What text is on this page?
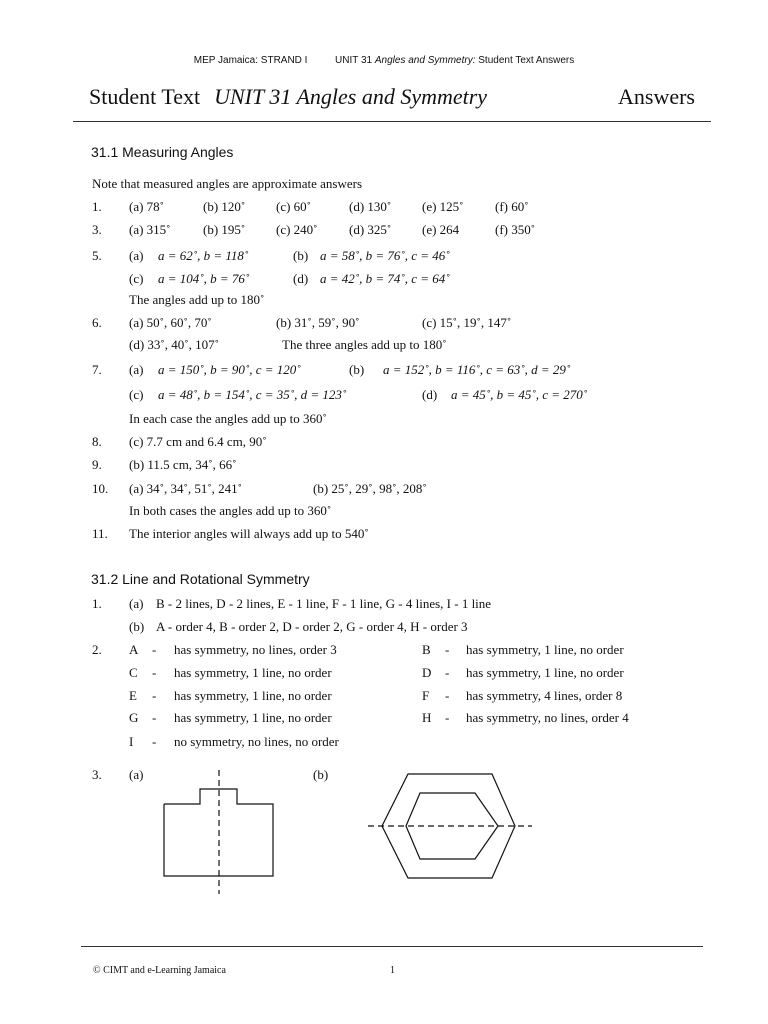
MEP Jamaica: STRAND I	UNIT 31 Angles and Symmetry: Student Text Answers
Student Text UNIT 31 Angles and Symmetry	Answers
31.1 Measuring Angles
Note that measured angles are approximate answers
1. (a) 78˚	(b) 120˚ (c) 60˚	(d) 130˚ (e) 125˚ (f) 60˚
3. (a) 315˚ (b) 195˚ (c) 240˚ (d) 325˚ (e) 264	(f) 350˚
5. (a) a = 62˚, b = 118˚	(b) a = 58˚, b = 76˚, c = 46˚
(c) a = 104˚, b = 76˚	(d) a = 42˚, b = 74˚, c = 64˚
The angles add up to 180˚
6. (a) 50˚, 60˚, 70˚	(b) 31˚, 59˚, 90˚	(c) 15˚, 19˚, 147˚
(d) 33˚, 40˚, 107˚	The three angles add up to 180˚
7. (a) a = 150˚, b = 90˚, c = 120˚	(b) a = 152˚, b = 116˚, c = 63˚, d = 29˚
(c) a = 48˚, b = 154˚, c = 35˚, d = 123˚	(d) a = 45˚, b = 45˚, c = 270˚
In each case the angles add up to 360˚
8. (c) 7.7 cm and 6.4 cm, 90˚
9. (b) 11.5 cm, 34˚, 66˚
10. (a) 34˚, 34˚, 51˚, 241˚	(b) 25˚, 29˚, 98˚, 208˚
In both cases the angles add up to 360˚
11. The interior angles will always add up to 540˚
31.2 Line and Rotational Symmetry
1. (a) B - 2 lines, D - 2 lines, E - 1 line, F - 1 line, G - 4 lines, I - 1 line
(b) A - order 4, B - order 2, D - order 2, G - order 4, H - order 3
2. A - has symmetry, no lines, order 3	B - has symmetry, 1 line, no order
C - has symmetry, 1 line, no order	D - has symmetry, 1 line, no order
E - has symmetry, 1 line, no order	F - has symmetry, 4 lines, order 8
G - has symmetry, 1 line, no order	H - has symmetry, no lines, order 4
I - no symmetry, no lines, no order
3. (a)	(b)
© CIMT and e-Learning Jamaica	1
